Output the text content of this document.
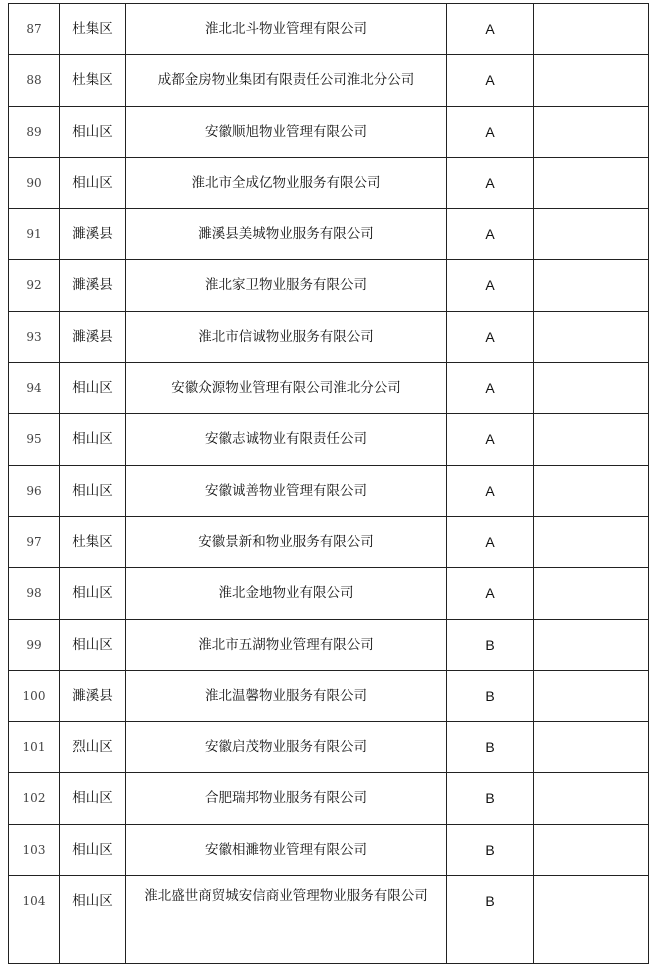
87	杜集区	淮北北斗物业管理有限公司	A	
88	杜集区	成都金房物业集团有限责任公司淮北分公司	A	
89	相山区	安徽顺旭物业管理有限公司	A	
90	相山区	淮北市全成亿物业服务有限公司	A	
91	濉溪县	濉溪县美城物业服务有限公司	A	
92	濉溪县	淮北家卫物业服务有限公司	A	
93	濉溪县	淮北市信诚物业服务有限公司	A	
94	相山区	安徽众源物业管理有限公司淮北分公司	A	
95	相山区	安徽志诚物业有限责任公司	A	
96	相山区	安徽诚善物业管理有限公司	A	
97	杜集区	安徽景新和物业服务有限公司	A	
98	相山区	淮北金地物业有限公司	A	
99	相山区	淮北市五湖物业管理有限公司	B	
100	濉溪县	淮北温馨物业服务有限公司	B	
101	烈山区	安徽启茂物业服务有限公司	B	
102	相山区	合肥瑞邦物业服务有限公司	B	
103	相山区	安徽相濉物业管理有限公司	B	
104	相山区	淮北盛世商贸城安信商业管理物业服务有限公司	B	
